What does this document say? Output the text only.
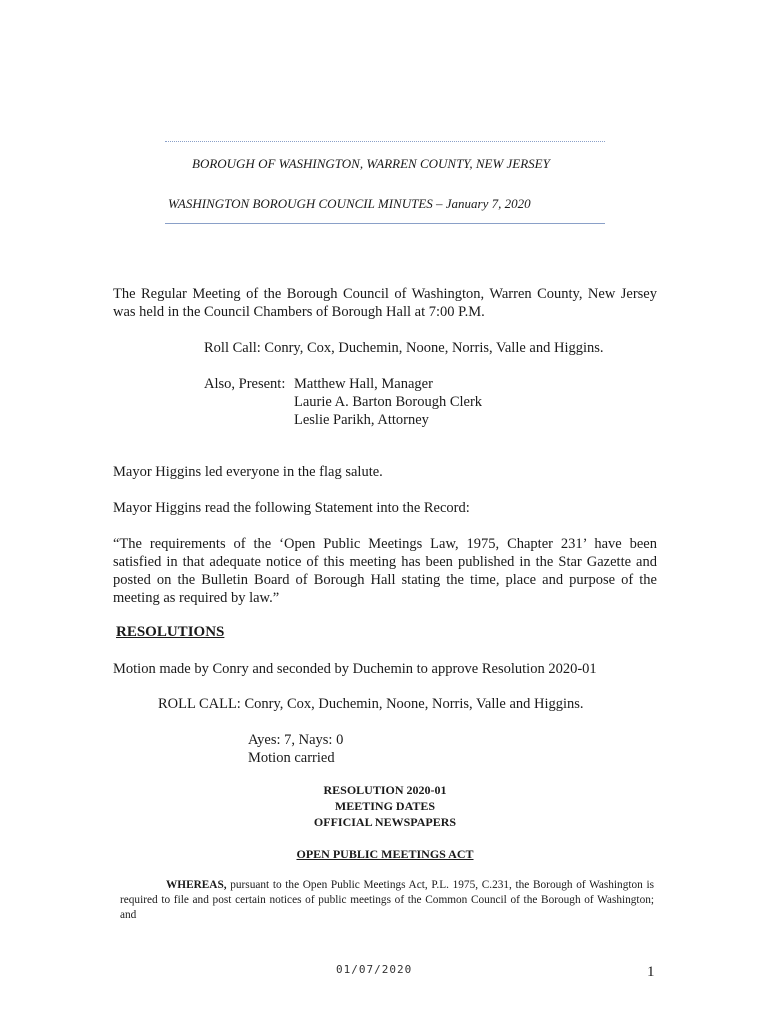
BOROUGH OF WASHINGTON, WARREN COUNTY, NEW JERSEY
WASHINGTON BOROUGH COUNCIL MINUTES – January 7, 2020
The Regular Meeting of the Borough Council of Washington, Warren County, New Jersey was held in the Council Chambers of Borough Hall at 7:00 P.M.
Roll Call: Conry, Cox, Duchemin, Noone, Norris, Valle and Higgins.
Also, Present: Matthew Hall, Manager
Laurie A. Barton Borough Clerk
Leslie Parikh, Attorney
Mayor Higgins led everyone in the flag salute.
Mayor Higgins read the following Statement into the Record:
“The requirements of the ‘Open Public Meetings Law, 1975, Chapter 231’ have been satisfied in that adequate notice of this meeting has been published in the Star Gazette and posted on the Bulletin Board of Borough Hall stating the time, place and purpose of the meeting as required by law.”
RESOLUTIONS
Motion made by Conry and seconded by Duchemin to approve Resolution 2020-01
ROLL CALL: Conry, Cox, Duchemin, Noone, Norris, Valle and Higgins.
Ayes: 7, Nays: 0
Motion carried
RESOLUTION 2020-01
MEETING DATES
OFFICIAL NEWSPAPERS
OPEN PUBLIC MEETINGS ACT
WHEREAS, pursuant to the Open Public Meetings Act, P.L. 1975, C.231, the Borough of Washington is required to file and post certain notices of public meetings of the Common Council of the Borough of Washington; and
01/07/2020	1
